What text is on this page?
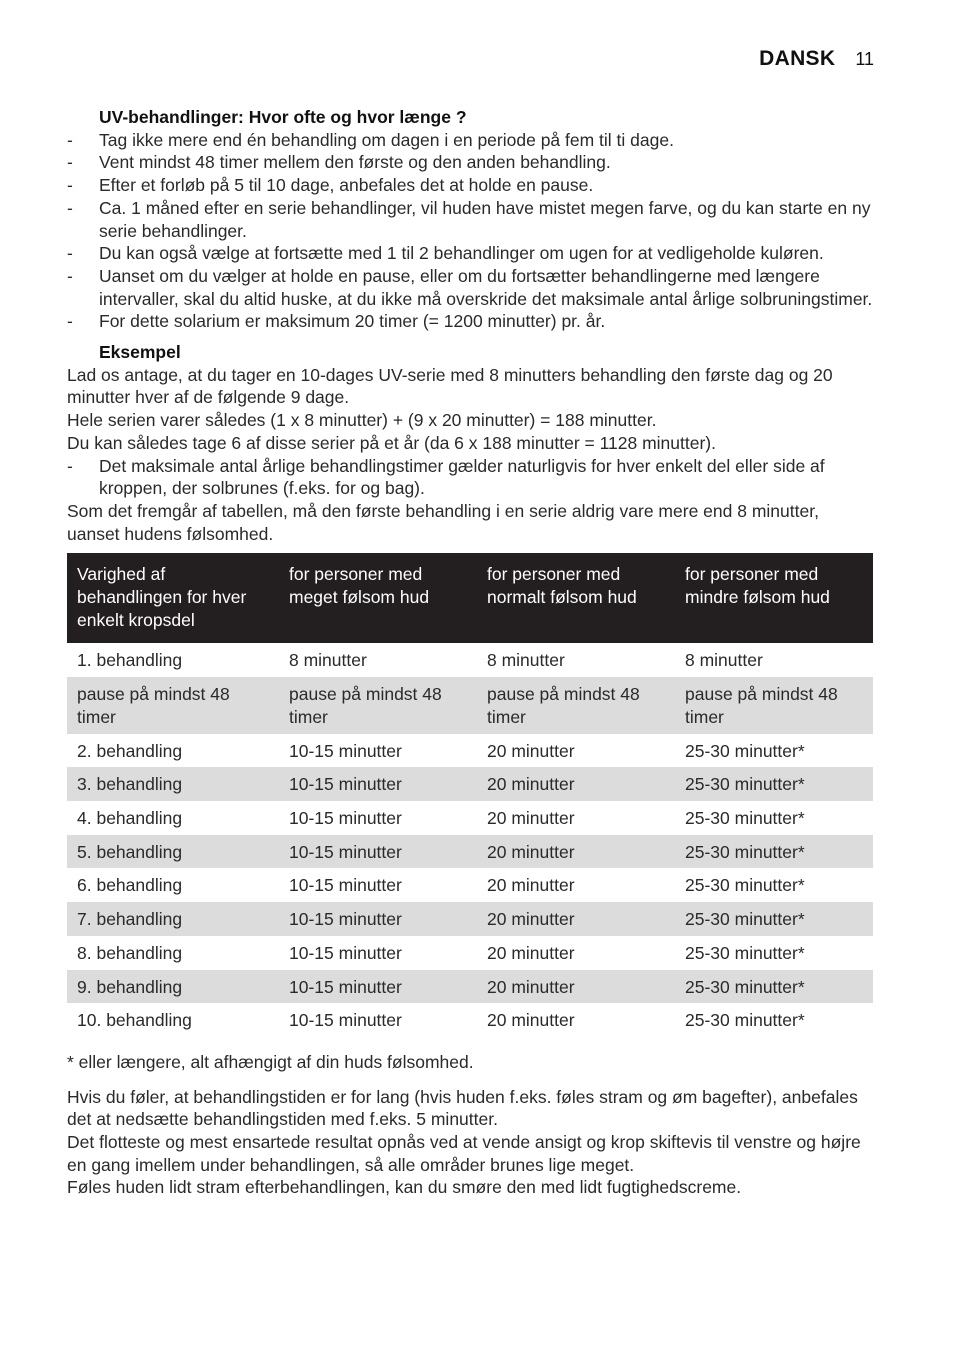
DANSK 11
UV-behandlinger: Hvor ofte og hvor længe ?
- Tag ikke mere end én behandling om dagen i en periode på fem til ti dage.
- Vent mindst 48 timer mellem den første og den anden behandling.
- Efter et forløb på 5 til 10 dage, anbefales det at holde en pause.
- Ca. 1 måned efter en serie behandlinger, vil huden have mistet megen farve, og du kan starte en ny serie behandlinger.
- Du kan også vælge at fortsætte med 1 til 2 behandlinger om ugen for at vedligeholde kuløren.
- Uanset om du vælger at holde en pause, eller om du fortsætter behandlingerne med længere intervaller, skal du altid huske, at du ikke må overskride det maksimale antal årlige solbruningstimer.
- For dette solarium er maksimum 20 timer (= 1200 minutter) pr. år.
Eksempel
Lad os antage, at du tager en 10-dages UV-serie med 8 minutters behandling den første dag og 20 minutter hver af de følgende 9 dage.
Hele serien varer således (1 x 8 minutter) + (9 x 20 minutter) = 188 minutter.
Du kan således tage 6 af disse serier på et år (da 6 x 188 minutter = 1128 minutter).
- Det maksimale antal årlige behandlingstimer gælder naturligvis for hver enkelt del eller side af kroppen, der solbrunes (f.eks. for og bag).
Som det fremgår af tabellen, må den første behandling i en serie aldrig vare mere end 8 minutter, uanset hudens følsomhed.
Varighed af behandlingen for hver enkelt kropsdel	for personer med meget følsom hud	for personer med normalt følsom hud	for personer med mindre følsom hud
1. behandling	8 minutter	8 minutter	8 minutter
pause på mindst 48 timer	pause på mindst 48 timer	pause på mindst 48 timer	pause på mindst 48 timer
2. behandling	10-15 minutter	20 minutter	25-30 minutter*
3. behandling	10-15 minutter	20 minutter	25-30 minutter*
4. behandling	10-15 minutter	20 minutter	25-30 minutter*
5. behandling	10-15 minutter	20 minutter	25-30 minutter*
6. behandling	10-15 minutter	20 minutter	25-30 minutter*
7. behandling	10-15 minutter	20 minutter	25-30 minutter*
8. behandling	10-15 minutter	20 minutter	25-30 minutter*
9. behandling	10-15 minutter	20 minutter	25-30 minutter*
10. behandling	10-15 minutter	20 minutter	25-30 minutter*
* eller længere, alt afhængigt af din huds følsomhed.
Hvis du føler, at behandlingstiden er for lang (hvis huden f.eks. føles stram og øm bagefter), anbefales det at nedsætte behandlingstiden med f.eks. 5 minutter.
Det flotteste og mest ensartede resultat opnås ved at vende ansigt og krop skiftevis til venstre og højre en gang imellem under behandlingen, så alle områder brunes lige meget.
Føles huden lidt stram efterbehandlingen, kan du smøre den med lidt fugtighedscreme.
